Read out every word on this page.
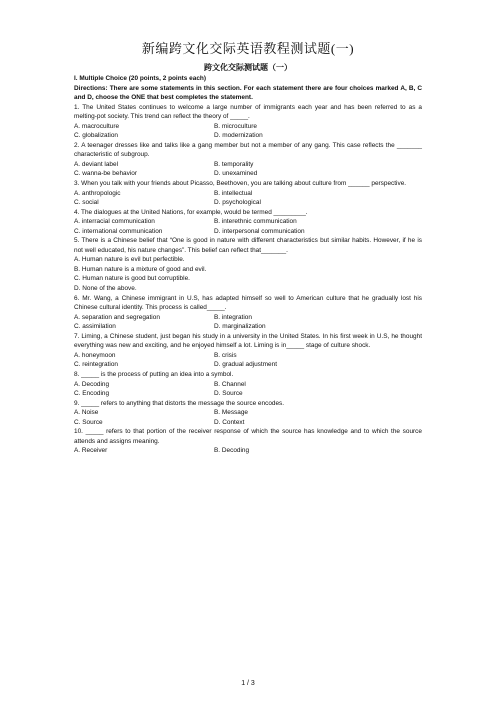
新编跨文化交际英语教程测试题(一)
跨文化交际测试题（一）
I. Multiple Choice (20 points, 2 points each)
Directions: There are some statements in this section. For each statement there are four choices marked A, B, C and D, choose the ONE that best completes the statement.
1. The United States continues to welcome a large number of immigrants each year and has been referred to as a melting-pot society. This trend can reflect the theory of _____.
A. macroculture	B. microculture
C. globalization	D. modernization
2. A teenager dresses like and talks like a gang member but not a member of any gang. This case reflects the _______ characteristic of subgroup.
A. deviant label	B. temporality
C. wanna-be behavior	D. unexamined
3. When you talk with your friends about Picasso, Beethoven, you are talking about culture from ______ perspective.
A. anthropologic	B. intellectual
C. social	D. psychological
4. The dialogues at the United Nations, for example, would be termed _________.
A. interracial communication	B. interethnic communication
C. international communication	D. interpersonal communication
5. There is a Chinese belief that “One is good in nature with different characteristics but similar habits. However, if he is not well educated, his nature changes”. This belief can reflect that_______.
A. Human nature is evil but perfectible.
B. Human nature is a mixture of good and evil.
C. Human nature is good but corruptible.
D. None of the above.
6. Mr. Wang, a Chinese immigrant in U.S, has adapted himself so well to American culture that he gradually lost his Chinese cultural identity. This process is called_____.
A. separation and segregation	B. integration
C. assimilation	D. marginalization
7. Liming, a Chinese student, just began his study in a university in the United States. In his first week in U.S, he thought everything was new and exciting, and he enjoyed himself a lot. Liming is in_____ stage of culture shock.
A. honeymoon	B. crisis
C. reintegration	D. gradual adjustment
8. _____ is the process of putting an idea into a symbol.
A. Decoding	B. Channel
C. Encoding	D. Source
9. _____ refers to anything that distorts the message the source encodes.
A. Noise	B. Message
C. Source	D. Context
10. _____ refers to that portion of the receiver response of which the source has knowledge and to which the source attends and assigns meaning.
A. Receiver	B. Decoding
1 / 3
